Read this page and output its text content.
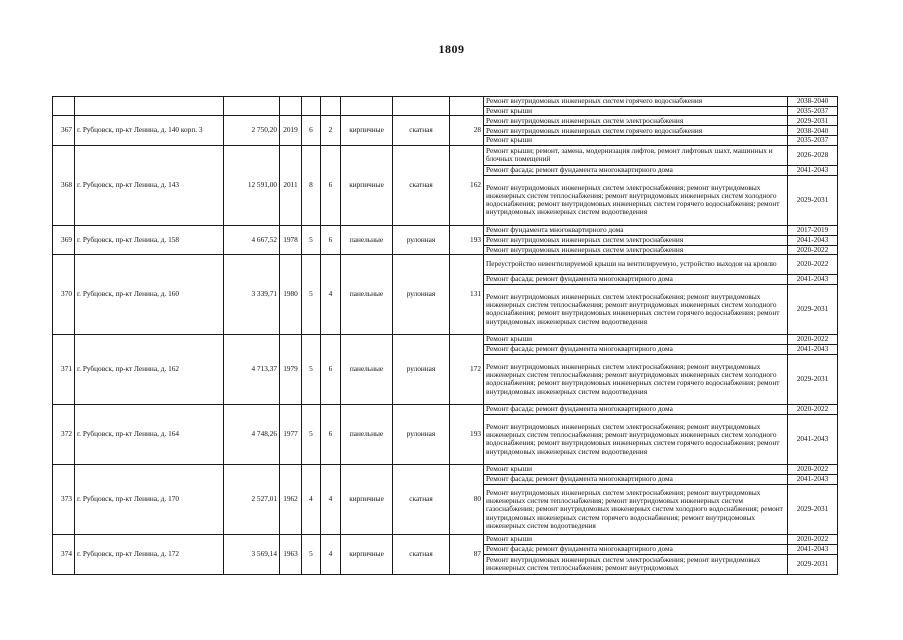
1809
									Ремонт внутридомовых инженерных систем горячего водоснабжения	2038-2040
									Ремонт крыши	2035-2037
367	г. Рубцовск, пр-кт Ленина, д. 140 корп. 3	2 750,20	2019	6	2	кирпичные	скатная	28	Ремонт внутридомовых инженерных систем электроснабжения	2029-2031
									Ремонт внутридомовых инженерных систем горячего водоснабжения	2038-2040
									Ремонт крыши	2035-2037
368	г. Рубцовск, пр-кт Ленина, д. 143	12 591,00	2011	8	6	кирпичные	скатная	162	Ремонт крыши; ремонт, замена, модернизация лифтов, ремонт лифтовых шахт, машинных и блочных помещений	2026-2028
									Ремонт фасада; ремонт фундамента многоквартирного дома	2041-2043
									Ремонт внутридомовых инженерных систем электроснабжения; ремонт внутридомовых инженерных систем теплоснабжения; ремонт внутридомовых инженерных систем холодного водоснабжения; ремонт внутридомовых инженерных систем горячего водоснабжения; ремонт внутридомовых инженерных систем водоотведения	2029-2031
369	г. Рубцовск, пр-кт Ленина, д. 158	4 667,52	1978	5	6	панельные	рулонная	193	Ремонт фундамента многоквартирного дома	2017-2019
									Ремонт внутридомовых инженерных систем электроснабжения	2041-2043
									Ремонт внутридомовых инженерных систем электроснабжения	2020-2022
370	г. Рубцовск, пр-кт Ленина, д. 160	3 339,71	1980	5	4	панельные	рулонная	131	Переустройство невентилируемой крыши на вентилируемую, устройство выходов на кровлю	2020-2022
									Ремонт фасада; ремонт фундамента многоквартирного дома	2041-2043
									Ремонт внутридомовых инженерных систем электроснабжения; ремонт внутридомовых инженерных систем теплоснабжения; ремонт внутридомовых инженерных систем холодного водоснабжения; ремонт внутридомовых инженерных систем горячего водоснабжения; ремонт внутридомовых инженерных систем водоотведения	2029-2031
371	г. Рубцовск, пр-кт Ленина, д. 162	4 713,37	1979	5	6	панельные	рулонная	172	Ремонт крыши	2020-2022
									Ремонт фасада; ремонт фундамента многоквартирного дома	2041-2043
									Ремонт внутридомовых инженерных систем электроснабжения; ремонт внутридомовых инженерных систем теплоснабжения; ремонт внутридомовых инженерных систем холодного водоснабжения; ремонт внутридомовых инженерных систем горячего водоснабжения; ремонт внутридомовых инженерных систем водоотведения	2029-2031
372	г. Рубцовск, пр-кт Ленина, д. 164	4 748,26	1977	5	6	панельные	рулонная	193	Ремонт фасада; ремонт фундамента многоквартирного дома	2020-2022
									Ремонт внутридомовых инженерных систем электроснабжения; ремонт внутридомовых инженерных систем теплоснабжения; ремонт внутридомовых инженерных систем холодного водоснабжения; ремонт внутридомовых инженерных систем горячего водоснабжения; ремонт внутридомовых инженерных систем водоотведения	2041-2043
373	г. Рубцовск, пр-кт Ленина, д. 170	2 527,01	1962	4	4	кирпичные	скатная	80	Ремонт крыши	2020-2022
									Ремонт фасада; ремонт фундамента многоквартирного дома	2041-2043
									Ремонт внутридомовых инженерных систем электроснабжения; ремонт внутридомовых инженерных систем теплоснабжения; ремонт внутридомовых инженерных систем газоснабжения; ремонт внутридомовых инженерных систем холодного водоснабжения; ремонт внутридомовых инженерных систем горячего водоснабжения; ремонт внутридомовых инженерных систем водоотведения	2029-2031
374	г. Рубцовск, пр-кт Ленина, д. 172	3 569,14	1963	5	4	кирпичные	скатная	87	Ремонт крыши	2020-2022
									Ремонт фасада; ремонт фундамента многоквартирного дома	2041-2043
									Ремонт внутридомовых инженерных систем электроснабжения; ремонт внутридомовых инженерных систем теплоснабжения; ремонт внутридомовых	2029-2031
